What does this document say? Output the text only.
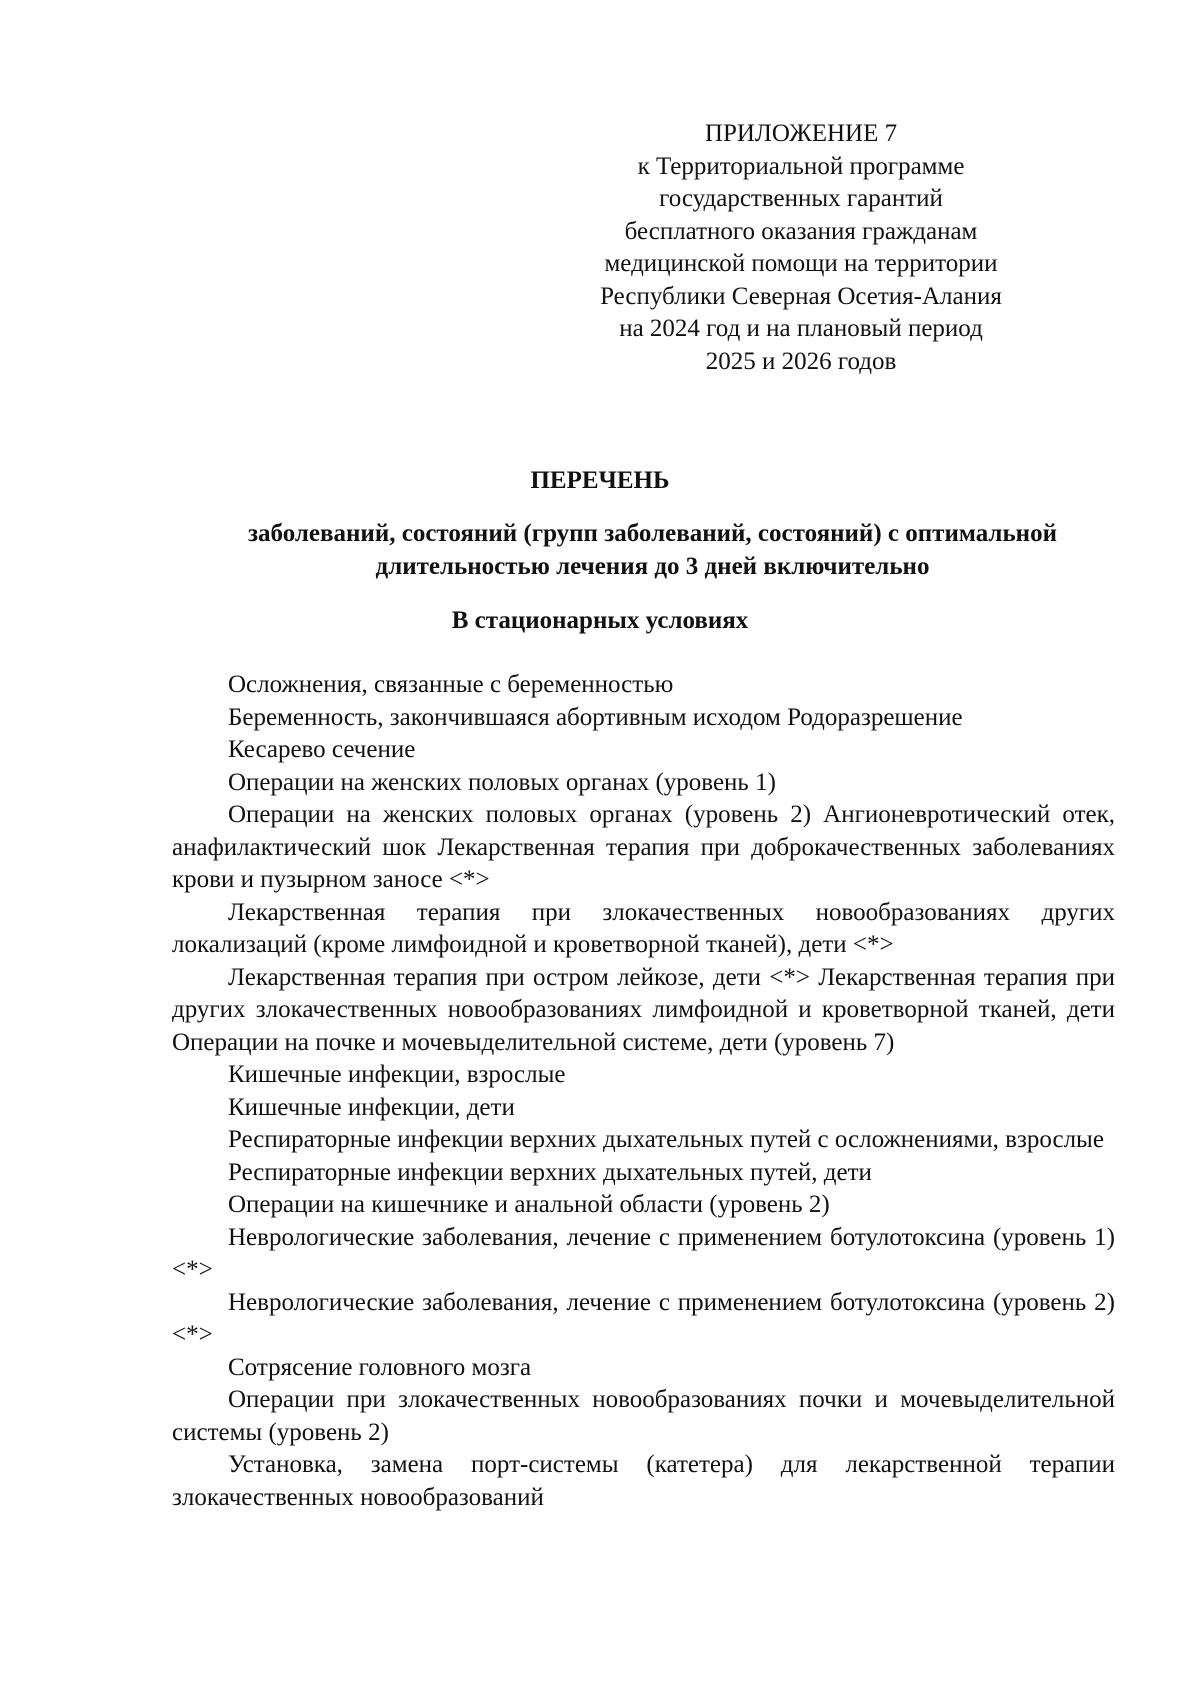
ПРИЛОЖЕНИЕ 7
к Территориальной программе
государственных гарантий
бесплатного оказания гражданам
медицинской помощи на территории
Республики Северная Осетия-Алания
на 2024 год и на плановый период
2025 и 2026 годов
ПЕРЕЧЕНЬ
заболеваний, состояний (групп заболеваний, состояний) с оптимальной
длительностью лечения до 3 дней включительно
В стационарных условиях

Осложнения, связанные с беременностью

Беременность, закончившаяся абортивным исходом Родоразрешение

Кесарево сечение

Операции на женских половых органах (уровень 1)

Операции на женских половых органах (уровень 2) Ангионевротический отек, анафилактический шок Лекарственная терапия при доброкачественных заболеваниях крови и пузырном заносе <*>

Лекарственная терапия при злокачественных новообразованиях других локализаций (кроме лимфоидной и кроветворной тканей), дети <*>

Лекарственная терапия при остром лейкозе, дети <*> Лекарственная терапия при других злокачественных новообразованиях лимфоидной и кроветворной тканей, дети Операции на почке и мочевыделительной системе, дети (уровень 7)

Кишечные инфекции, взрослые

Кишечные инфекции, дети

Респираторные инфекции верхних дыхательных путей с осложнениями, взрослые

Респираторные инфекции верхних дыхательных путей, дети

Операции на кишечнике и анальной области (уровень 2)

Неврологические заболевания, лечение с применением ботулотоксина (уровень 1) <*>

Неврологические заболевания, лечение с применением ботулотоксина (уровень 2) <*>

Сотрясение головного мозга

Операции при злокачественных новообразованиях почки и мочевыделительной системы (уровень 2)

Установка, замена порт-системы (катетера) для лекарственной терапии злокачественных новообразований
